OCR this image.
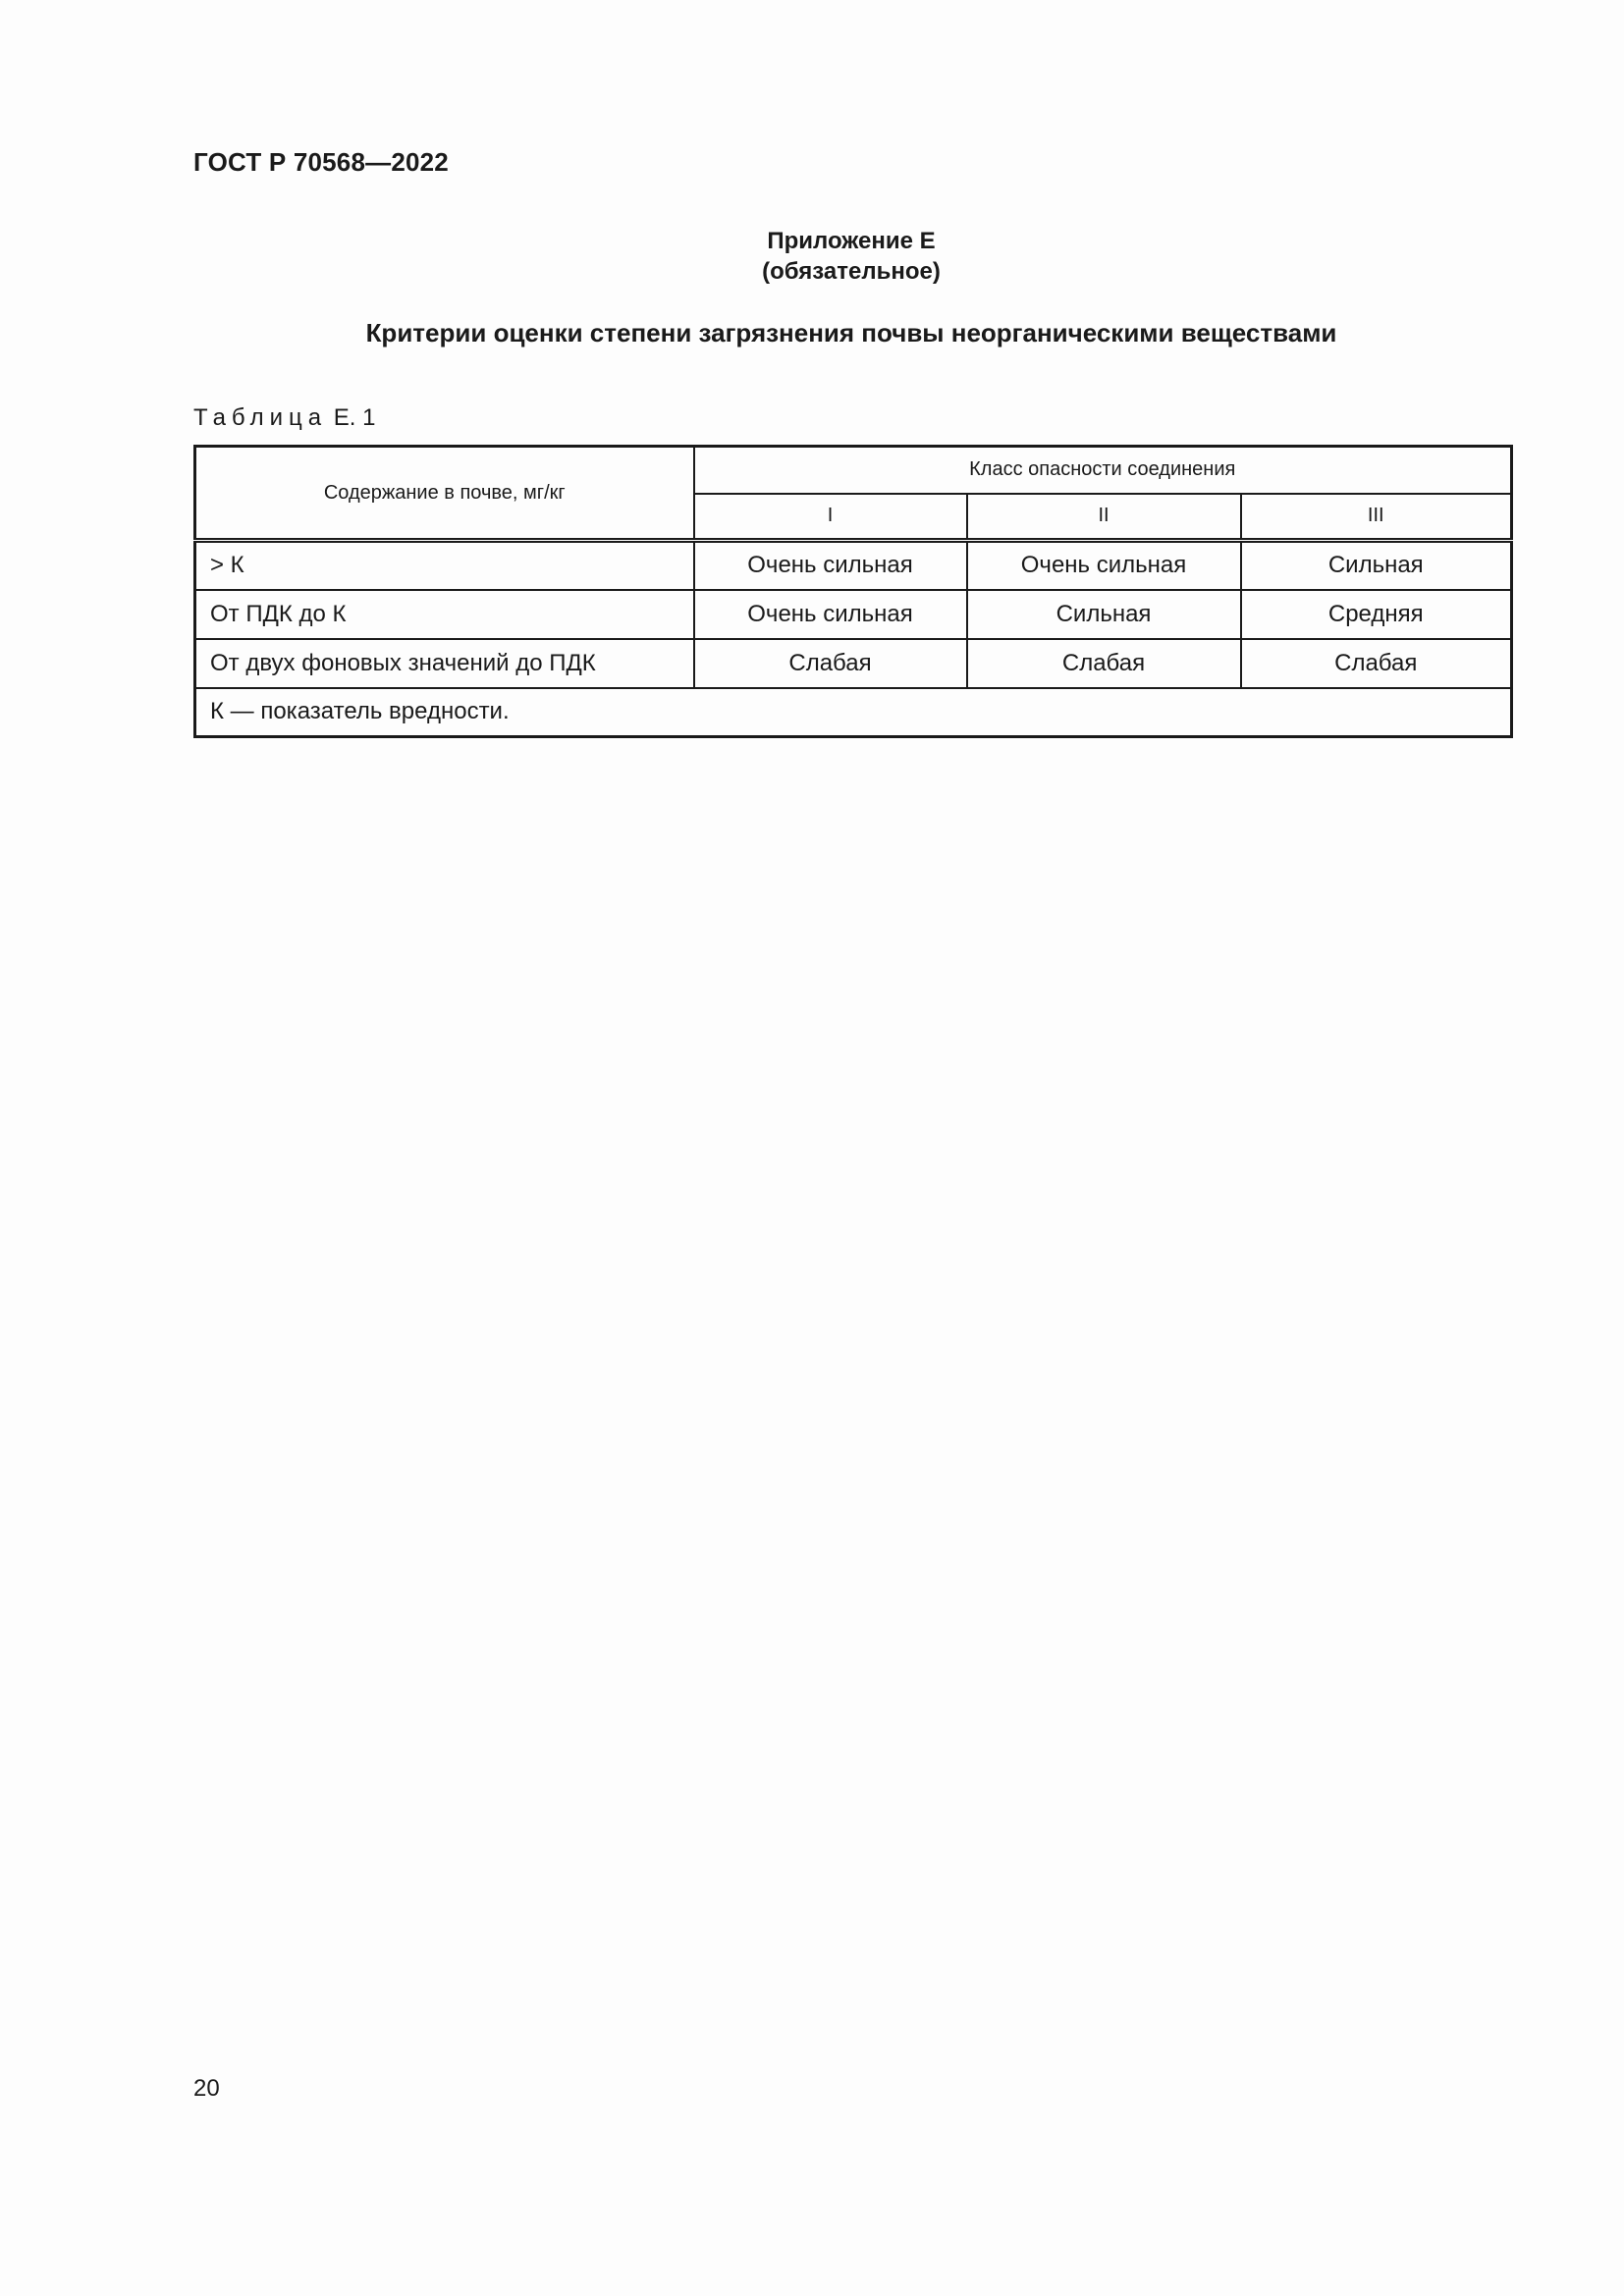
ГОСТ Р 70568—2022
Приложение Е
(обязательное)
Критерии оценки степени загрязнения почвы неорганическими веществами
Таблица Е. 1
Содержание в почве, мг/кг	Класс опасности соединения		
	I	II	III
> К	Очень сильная	Очень сильная	Сильная
От ПДК до К	Очень сильная	Сильная	Средняя
От двух фоновых значений до ПДК	Слабая	Слабая	Слабая
К — показатель вредности.			
20
